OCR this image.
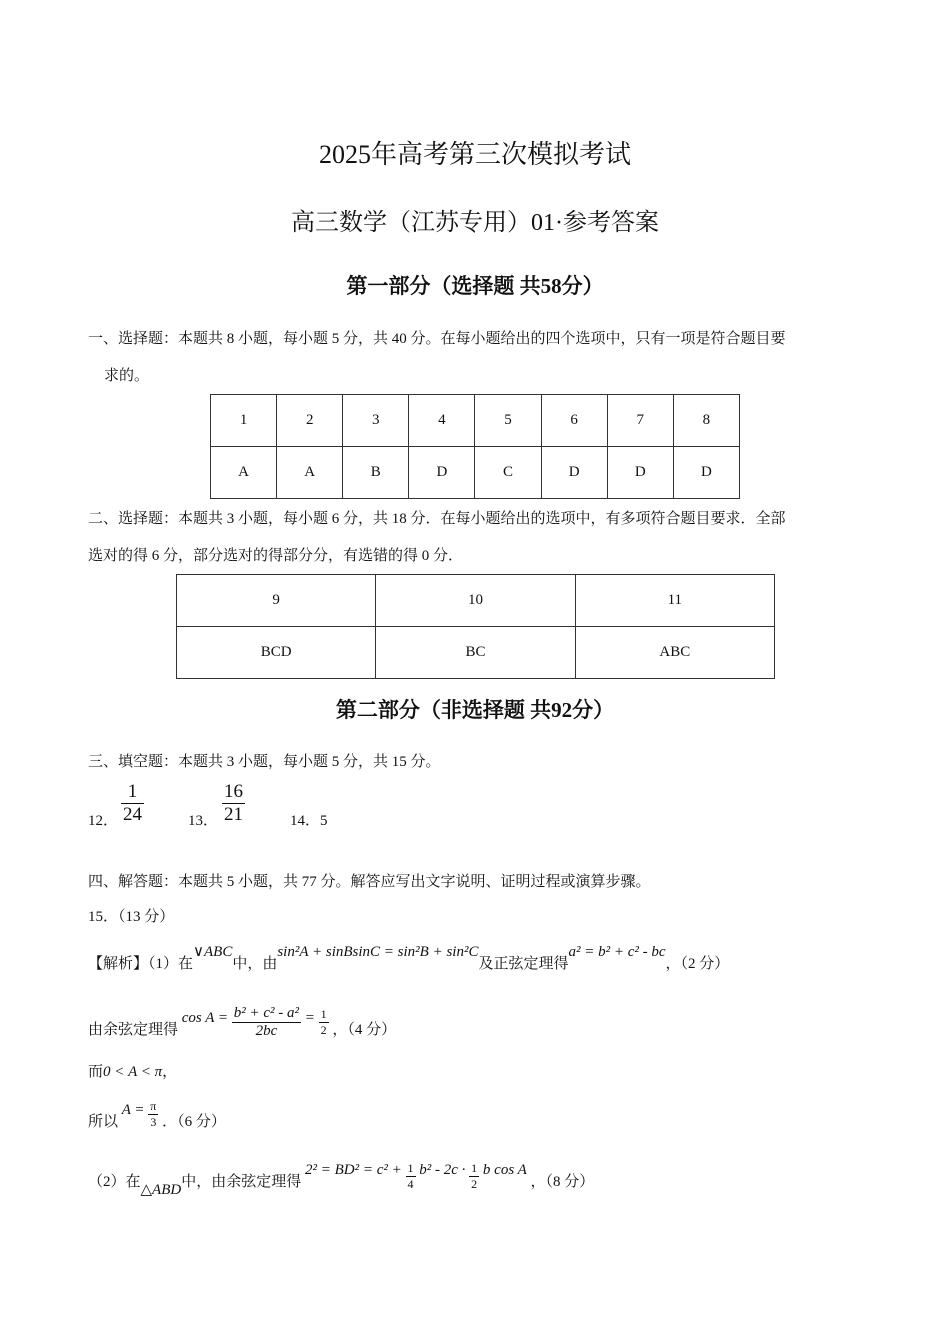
2025年高考第三次模拟考试
高三数学（江苏专用）01·参考答案
第一部分（选择题 共58分）
一、选择题：本题共 8 小题，每小题 5 分，共 40 分。在每小题给出的四个选项中，只有一项是符合题目要
求的。
1	2	3	4	5	6	7	8
A	A	B	D	C	D	D	D
二、选择题：本题共 3 小题，每小题 6 分，共 18 分．在每小题给出的选项中，有多项符合题目要求．全部
选对的得 6 分，部分选对的得部分分，有选错的得 0 分．
9	10	11
BCD	BC	ABC
第二部分（非选择题 共92分）
三、填空题：本题共 3 小题，每小题 5 分，共 15 分。
12． $\frac{1}{24}$	13． $\frac{16}{21}$	14．5
四、解答题：本题共 5 小题，共 77 分。解答应写出文字说明、证明过程或演算步骤。
15．（13 分）
【解析】（1）在∨ABC中，由sin²A + sinBsinC = sin²B + sin²C及正弦定理得a² = b² + c² - bc，（2 分）
由余弦定理得 $\cos A = \frac{\text{b² + c² - a²}}{2bc} = \frac{1}{2}$ ，（4 分）
而0 < A < π，
所以 $A = \frac{\pi}{3}$ ．（6 分）
（2）在△ABD中，由余弦定理得 $2^2 = BD^2 = c^2 + \frac{1}{4} b^2 - 2c \cdot \frac{1}{2}$ b cos A ，（8 分）
